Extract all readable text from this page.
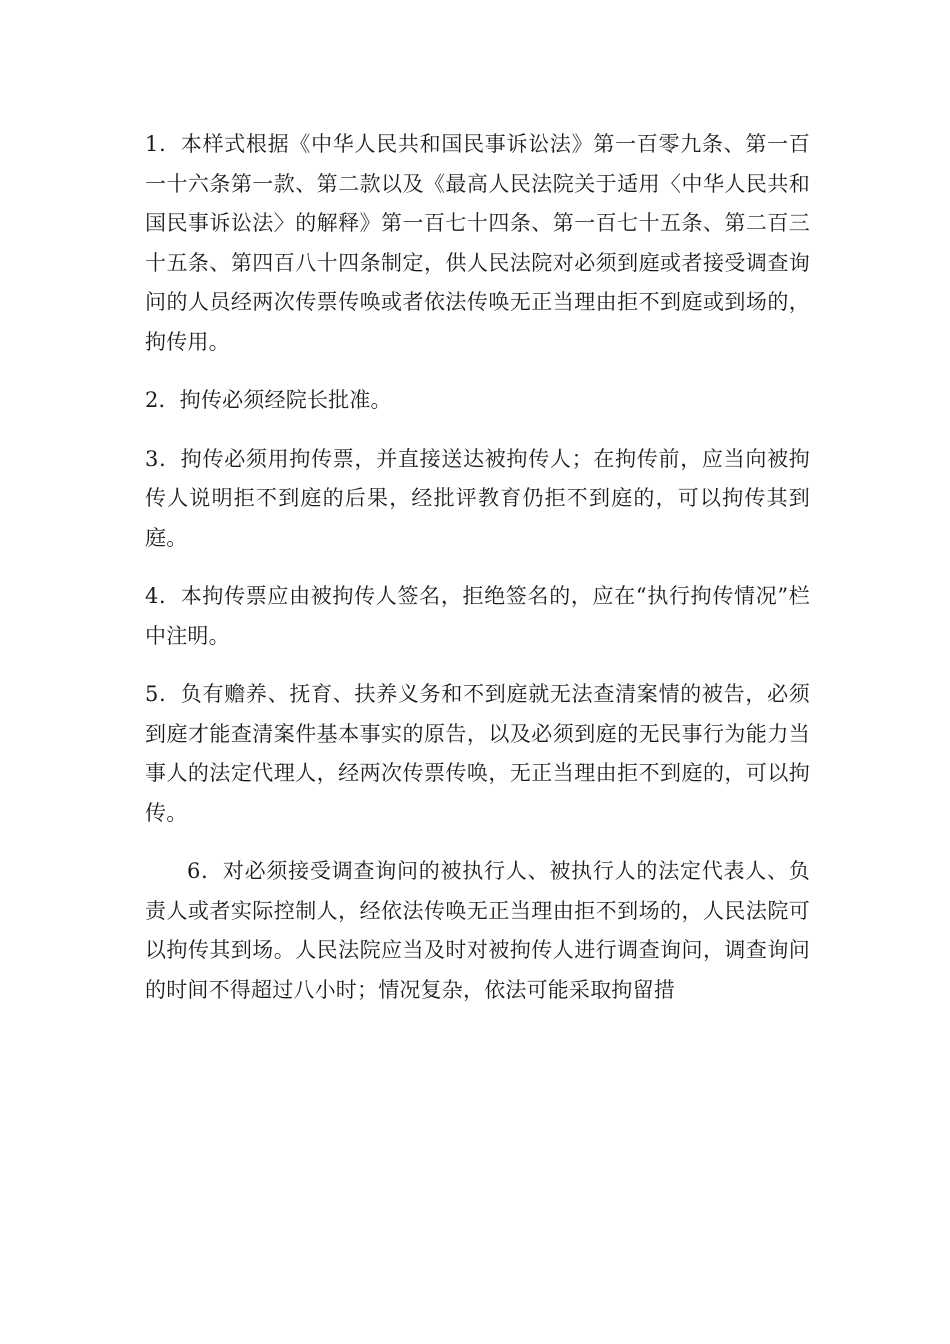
1．本样式根据《中华人民共和国民事诉讼法》第一百零九条、第一百一十六条第一款、第二款以及《最高人民法院关于适用〈中华人民共和国民事诉讼法〉的解释》第一百七十四条、第一百七十五条、第二百三十五条、第四百八十四条制定，供人民法院对必须到庭或者接受调查询问的人员经两次传票传唤或者依法传唤无正当理由拒不到庭或到场的，拘传用。

2．拘传必须经院长批准。

3．拘传必须用拘传票，并直接送达被拘传人；在拘传前，应当向被拘传人说明拒不到庭的后果，经批评教育仍拒不到庭的，可以拘传其到庭。

4．本拘传票应由被拘传人签名，拒绝签名的，应在“执行拘传情况”栏中注明。

5．负有赡养、抚育、扶养义务和不到庭就无法查清案情的被告，必须到庭才能查清案件基本事实的原告，以及必须到庭的无民事行为能力当事人的法定代理人，经两次传票传唤，无正当理由拒不到庭的，可以拘传。

6．对必须接受调查询问的被执行人、被执行人的法定代表人、负责人或者实际控制人，经依法传唤无正当理由拒不到场的，人民法院可以拘传其到场。人民法院应当及时对被拘传人进行调查询问，调查询问的时间不得超过八小时；情况复杂，依法可能采取拘留措
